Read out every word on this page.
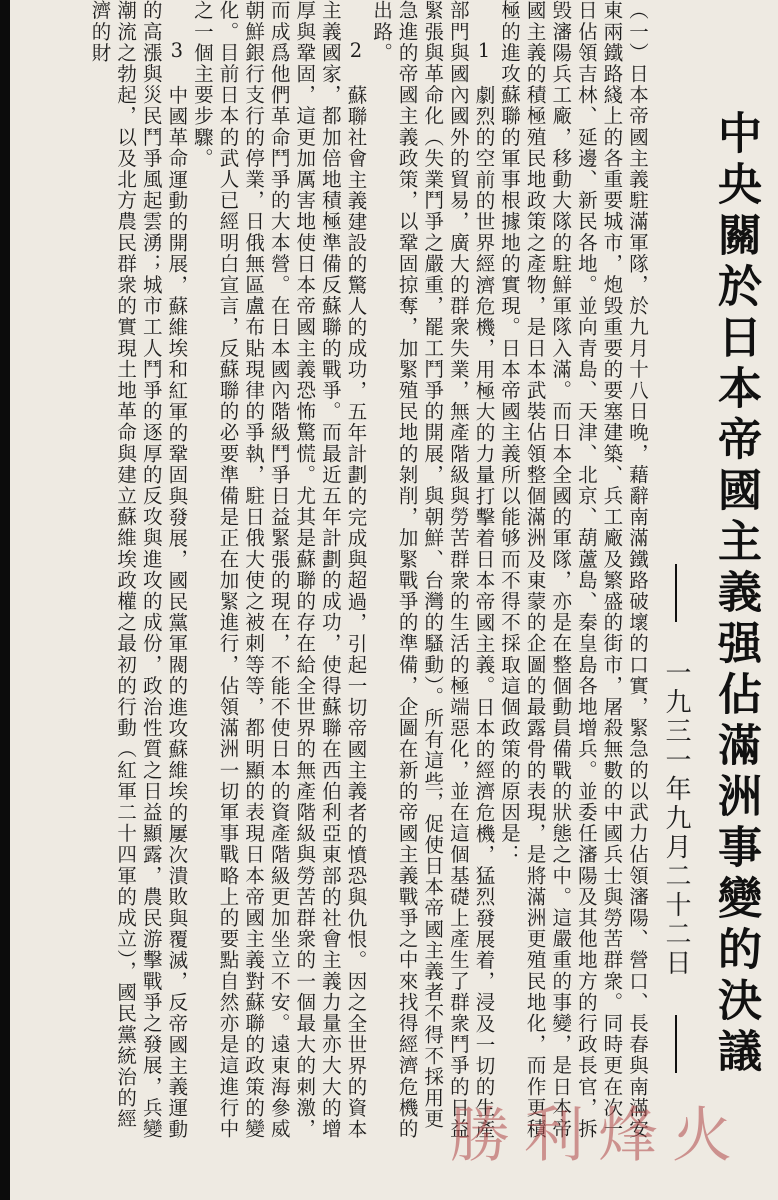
中央關於日本帝國主義强佔滿洲事變的決議
一九三一年九月二十二日

（一）日本帝國主義駐滿軍隊，於九月十八日晚，藉辭南滿鐵路破壞的口實，緊急的以武力佔領瀋陽、營口、長春與南滿安東兩鐵路綫上的各重要城市，炮毁重要的要塞建築、兵工廠及繁盛的街市，屠殺無數的中國兵士與勞苦群衆。同時更在次一日佔領吉林、延邊、新民各地。並向青島、天津、北京、葫蘆島、秦皇島各地增兵。並委任瀋陽及其他地方的行政長官，拆毁瀋陽兵工廠，移動大隊的駐鮮軍隊入滿。而日本全國的軍隊，亦是在整個動員備戰的狀態之中。這嚴重的事變，是日本帝國主義的積極殖民地政策之產物，是日本武裝佔領整個滿洲及東蒙的企圖的最露骨的表現，是將滿洲更殖民地化，而作更積極的進攻蘇聯的軍事根據地的實現。日本帝國主義所以能够而不得不採取這個政策的原因是：

1　劇烈的空前的世界經濟危機，用極大的力量打擊着日本帝國主義。日本的經濟危機，猛烈發展着，浸及一切的生產部門與國內國外的貿易，廣大的群衆失業，無產階級與勞苦群衆的生活的極端惡化，並在這個基礎上產生了群衆鬥爭的日益緊張與革命化（失業鬥爭之嚴重，罷工鬥爭的開展，與朝鮮、台灣的騷動）。所有這些，促使日本帝國主義者不得不採用更急進的帝國主義政策，以鞏固掠奪，加緊殖民地的剝削，加緊戰爭的準備，企圖在新的帝國主義戰爭之中來找得經濟危機的出路。

2　蘇聯社會主義建設的驚人的成功，五年計劃的完成與超過，引起一切帝國主義者的憤恐與仇恨。因之全世界的資本主義國家，都加倍地積極準備反蘇聯的戰爭。而最近五年計劃的成功，使得蘇聯在西伯利亞東部的社會主義力量亦大大的增厚與鞏固，這更加厲害地使日本帝國主義恐怖驚慌。尤其是蘇聯的存在給全世界的無產階級與勞苦群衆的一個最大的刺激，而成爲他們革命鬥爭的大本營。在日本國內階級鬥爭日益緊張的現在，不能不使日本的資產階級更加坐立不安。遠東海參威朝鮮銀行支行的停業，日俄無區盧布貼現律的爭執，駐日俄大使之被刺等等，都明顯的表現日本帝國主義對蘇聯的政策的變化。目前日本的武人已經明白宣言，反蘇聯的必要準備是正在加緊進行，佔領滿洲一切軍事戰略上的要點自然亦是這進行中之一個主要步驟。

3　中國革命運動的開展，蘇維埃和紅軍的鞏固與發展，國民黨軍閥的進攻蘇維埃的屢次潰敗與覆滅，反帝國主義運動的高漲與災民鬥爭風起雲湧；城市工人鬥爭的逐厚的反攻與進攻的成份，政治性質之日益顯露，農民游擊戰爭之發展，兵變潮流之勃起，以及北方農民群衆的實現土地革命與建立蘇維埃政權之最初的行動（紅軍二十四軍的成立），國民黨統治的經濟的財

勝利烽火
